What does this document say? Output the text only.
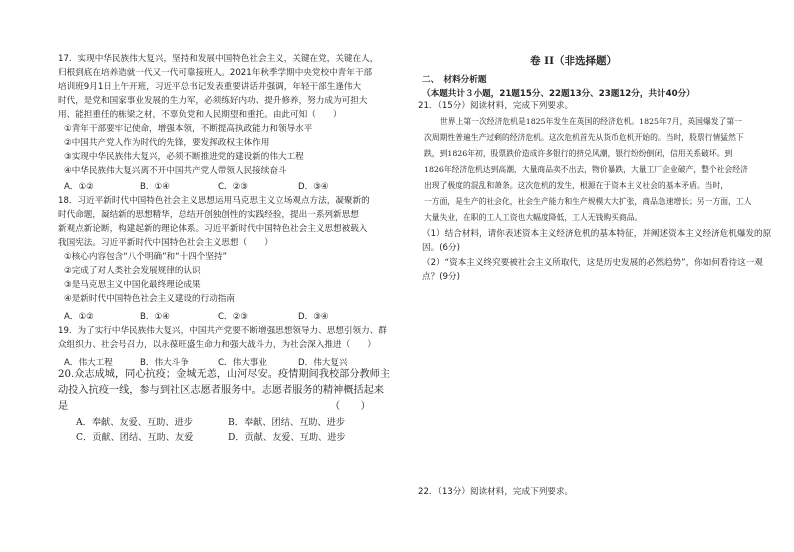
17．实现中华民族伟大复兴，坚持和发展中国特色社会主义，关键在党，关键在人，
归根到底在培养造就一代又一代可靠接班人。2021年秋季学期中央党校中青年干部
培训班9月1日上午开班，习近平总书记发表重要讲话并强调，年轻干部生逢伟大
时代，是党和国家事业发展的生力军，必须练好内功、提升修养，努力成为可担大
用、能担重任的栋梁之材，不辜负党和人民期望和重托。由此可知（　　）
①青年干部要牢记使命，增强本领，不断提高执政能力和领导水平
②中国共产党人作为时代的先锋，要发挥政权主体作用
③实现中华民族伟大复兴，必须不断推进党的建设新的伟大工程
④中华民族伟大复兴离不开中国共产党人带领人民接续奋斗
A．①②	B．①④	C．②③	D．③④
18．习近平新时代中国特色社会主义思想运用马克思主义立场观点方法，凝聚新的
时代命题，凝结新的思想精华，总结开创独创性的实践经验，提出一系列新思想
新观点新论断，构建起新的理论体系。习近平新时代中国特色社会主义思想被载入
我国宪法。习近平新时代中国特色社会主义思想（　　）
①核心内容包含“八个明确”和“十四个坚持”
②完成了对人类社会发展规律的认识
③是马克思主义中国化最终理论成果
④是新时代中国特色社会主义建设的行动指南
A．①②	B．①④	C．②③	D．③④
19．为了实行中华民族伟大复兴，中国共产党要不断增强思想领导力、思想引领力、群
众组织力、社会号召力，以永葆旺盛生命力和强大战斗力，为社会深入推进（　　）
A．伟大工程	B．伟大斗争	C．伟大事业	D．伟大复兴
20.众志成城，同心抗疫；金城无恙，山河尽安。疫情期间我校部分教师主
动投入抗疫一线，参与到社区志愿者服务中。志愿者服务的精神概括起来
是	（　　）
A．奉献、友爱、互助、进步	B．奉献、团结、互助、进步
C．贡献、团结、互助、友爱	D．贡献、友爱、互助、进步
卷 II（非选择题）
二、　材料分析题
（本题共计３小题，21题15分、22题13分、23题12分，共计40分）
21．（15分）阅读材料，完成下列要求。
世界上第一次经济危机是1825年发生在英国的经济危机。1825年7月，英国爆发了第一
次周期性普遍生产过剩的经济危机。这次危机首先从货币危机开始的。当时，股票行情猛然下
跌，到1826年初，股票跌价造成许多银行的挤兑风潮，银行纷纷倒闭，信用关系破坏。到
1826年经济危机达到高潮，大量商品卖不出去，物价暴跌，大量工厂企业破产，整个社会经济
出现了极度的混乱和萧条。这次危机的发生，根源在于资本主义社会的基本矛盾。当时，
一方面，是生产的社会化，社会生产能力和生产规模大大扩张，商品急速增长；另一方面，工人
大量失业，在职的工人工资也大幅度降低，工人无钱购买商品。
（1）结合材料，请你表述资本主义经济危机的基本特征，并阐述资本主义经济危机爆发的原
因。(6分)
（2）“资本主义终究要被社会主义所取代，这是历史发展的必然趋势”，你如何看待这一观
点？(9分)
22．（13分）阅读材料，完成下列要求。
